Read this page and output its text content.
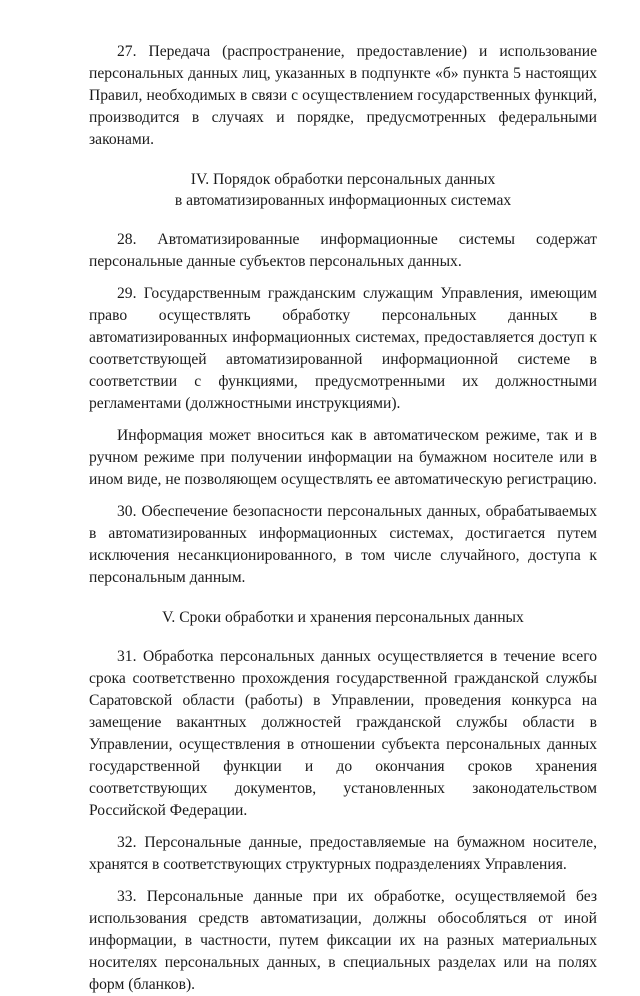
27. Передача (распространение, предоставление) и использование персональных данных лиц, указанных в подпункте «б» пункта 5 настоящих Правил, необходимых в связи с осуществлением государственных функций, производится в случаях и порядке, предусмотренных федеральными законами.

IV. Порядок обработки персональных данных
в автоматизированных информационных системах

28. Автоматизированные информационные системы содержат персональные данные субъектов персональных данных.

29. Государственным гражданским служащим Управления, имеющим право осуществлять обработку персональных данных в автоматизированных информационных системах, предоставляется доступ к соответствующей автоматизированной информационной системе в соответствии с функциями, предусмотренными их должностными регламентами (должностными инструкциями).

Информация может вноситься как в автоматическом режиме, так и в ручном режиме при получении информации на бумажном носителе или в ином виде, не позволяющем осуществлять ее автоматическую регистрацию.

30. Обеспечение безопасности персональных данных, обрабатываемых в автоматизированных информационных системах, достигается путем исключения несанкционированного, в том числе случайного, доступа к персональным данным.

V. Сроки обработки и хранения персональных данных

31. Обработка персональных данных осуществляется в течение всего срока соответственно прохождения государственной гражданской службы Саратовской области (работы) в Управлении, проведения конкурса на замещение вакантных должностей гражданской службы области в Управлении, осуществления в отношении субъекта персональных данных государственной функции и до окончания сроков хранения соответствующих документов, установленных законодательством Российской Федерации.

32. Персональные данные, предоставляемые на бумажном носителе, хранятся в соответствующих структурных подразделениях Управления.

33. Персональные данные при их обработке, осуществляемой без использования средств автоматизации, должны обособляться от иной информации, в частности, путем фиксации их на разных материальных носителях персональных данных, в специальных разделах или на полях форм (бланков).
